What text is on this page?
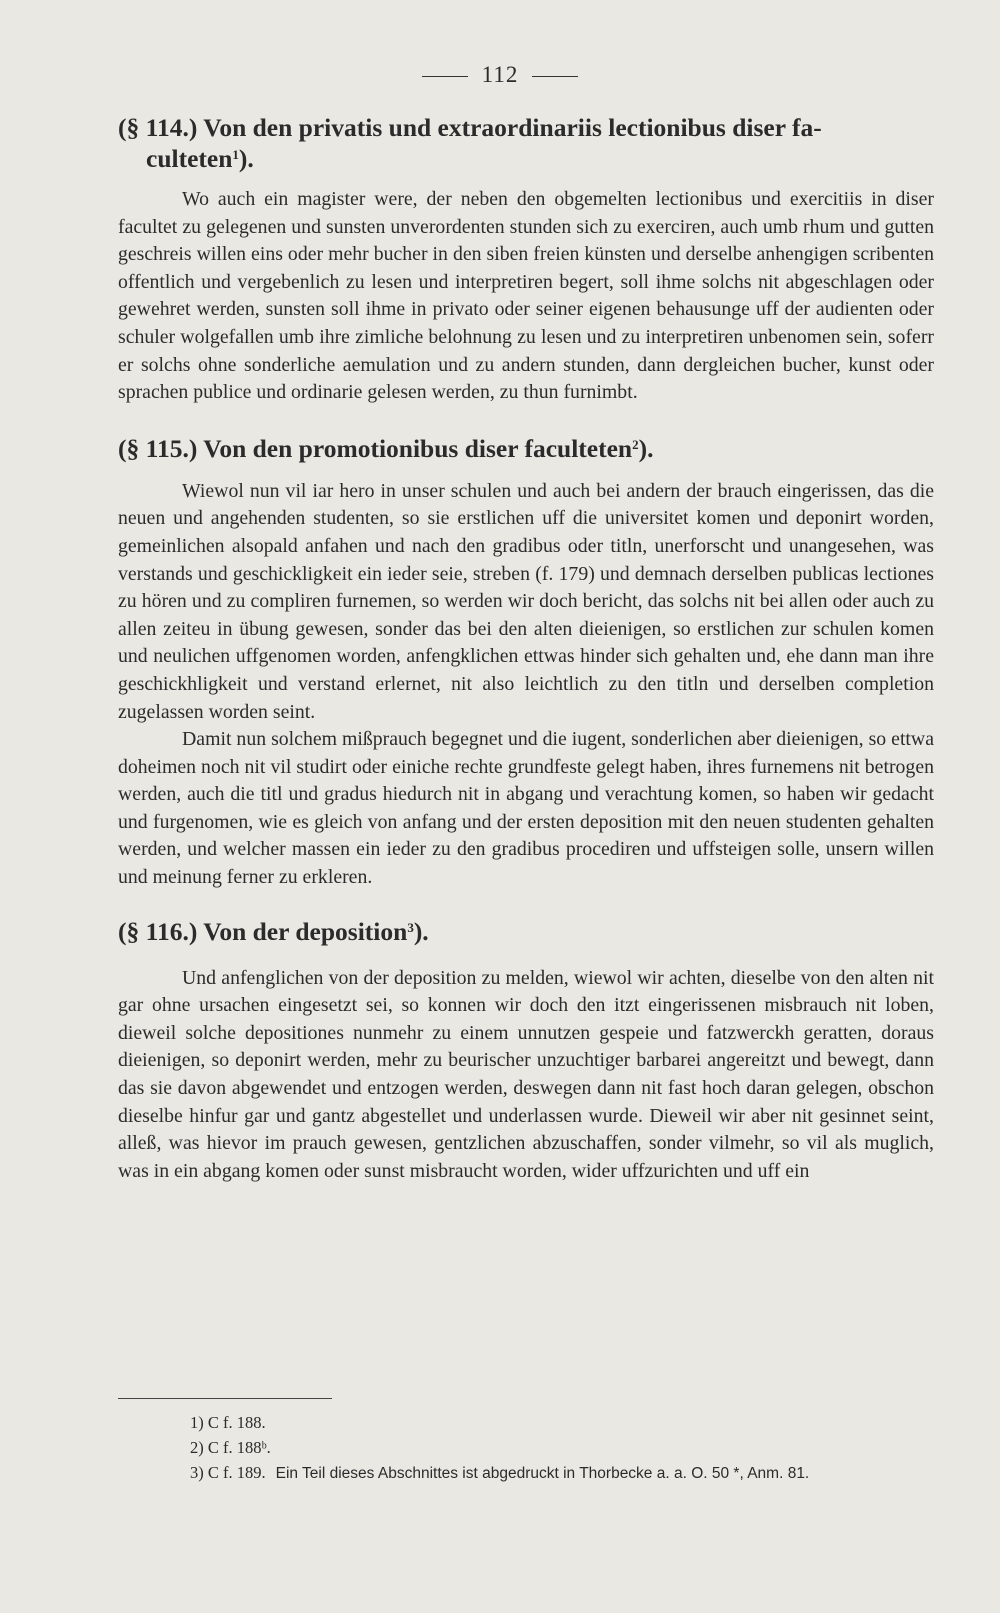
112
(§ 114.) Von den privatis und extraordinariis lectionibus diser fa-
culteten$^1$).

Wo auch ein magister were, der neben den obgemelten lectionibus und exercitiis in diser facultet zu gelegenen und sunsten unverordenten stunden sich zu exerciren, auch umb rhum und gutten geschreis willen eins oder mehr bucher in den siben freien künsten und derselbe anhengigen scribenten offentlich und vergebenlich zu lesen und interpretiren begert, soll ihme solchs nit abgeschlagen oder gewehret werden, sunsten soll ihme in privato oder seiner eigenen behausunge uff der audienten oder schuler wolgefallen umb ihre zimliche belohnung zu lesen und zu interpretiren unbenomen sein, soferr er solchs ohne sonderliche aemulation und zu andern stunden, dann dergleichen bucher, kunst oder sprachen publice und ordinarie gelesen werden, zu thun furnimbt.

(§ 115.) Von den promotionibus diser faculteten$^2$).

Wiewol nun vil iar hero in unser schulen und auch bei andern der brauch eingerissen, das die neuen und angehenden studenten, so sie erstlichen uff die universitet komen und deponirt worden, gemeinlichen alsopald anfahen und nach den gradibus oder titln, unerforscht und unangesehen, was verstands und geschickligkeit ein ieder seie, streben (f. 179) und demnach derselben publicas lectiones zu hören und zu compliren furnemen, so werden wir doch bericht, das solchs nit bei allen oder auch zu allen zeiteu in übung gewesen, sonder das bei den alten dieienigen, so erstlichen zur schulen komen und neulichen uffgenomen worden, anfengklichen ettwas hinder sich gehalten und, ehe dann man ihre geschickhligkeit und verstand erlernet, nit also leichtlich zu den titln und derselben completion zugelassen worden seint.

Damit nun solchem mißprauch begegnet und die iugent, sonderlichen aber dieienigen, so ettwa doheimen noch nit vil studirt oder einiche rechte grundfeste gelegt haben, ihres furnemens nit betrogen werden, auch die titl und gradus hiedurch nit in abgang und verachtung komen, so haben wir gedacht und furgenomen, wie es gleich von anfang und der ersten deposition mit den neuen studenten gehalten werden, und welcher massen ein ieder zu den gradibus procediren und uffsteigen solle, unsern willen und meinung ferner zu erkleren.

(§ 116.) Von der deposition$^3$).

Und anfenglichen von der deposition zu melden, wiewol wir achten, dieselbe von den alten nit gar ohne ursachen eingesetzt sei, so konnen wir doch den itzt eingerissenen misbrauch nit loben, dieweil solche depositiones nunmehr zu einem unnutzen gespeie und fatzwerckh geratten, doraus dieienigen, so deponirt werden, mehr zu beurischer unzuchtiger barbarei angereitzt und bewegt, dann das sie davon abgewendet und entzogen werden, deswegen dann nit fast hoch daran gelegen, obschon dieselbe hinfur gar und gantz abgestellet und underlassen wurde. Dieweil wir aber nit gesinnet seint, alleß, was hievor im prauch gewesen, gentzlichen abzuschaffen, sonder vilmehr, so vil als muglich, was in ein abgang komen oder sunst misbraucht worden, wider uffzurichten und uff ein

1) C f. 188.

2) C f. 188ᵇ.

3) C f. 189. Ein Teil dieses Abschnittes ist abgedruckt in Thorbecke a. a. O. 50 *, Anm. 81.
